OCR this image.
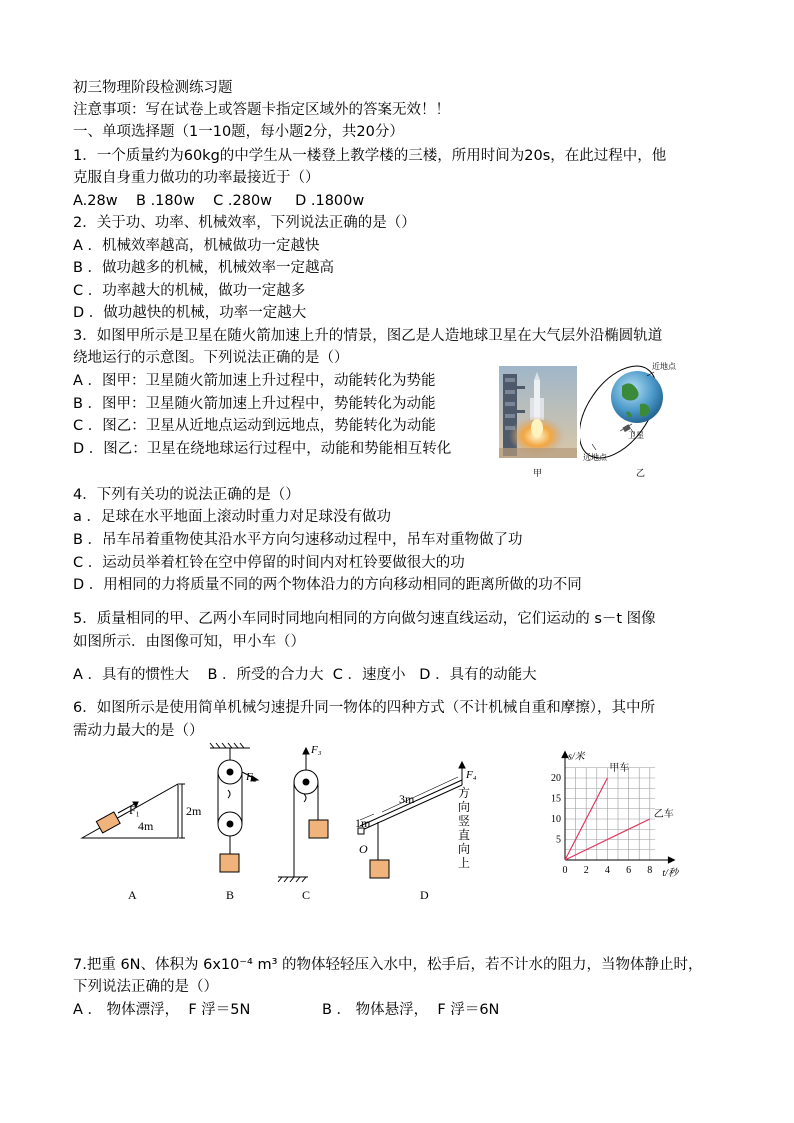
初三物理阶段检测练习题
注意事项：写在试卷上或答题卡指定区域外的答案无效！！
一、单项选择题（1一10题，每小题2分，共20分）
1．一个质量约为60kg的中学生从一楼登上教学楼的三楼，所用时间为20s，在此过程中，他
克服自身重力做功的功率最接近于（）
A.28w    B .180w    C .280w     D .1800w
2．关于功、功率、机械效率，下列说法正确的是（）
A ．机械效率越高，机械做功一定越快
B ．做功越多的机械，机械效率一定越高
C ．功率越大的机械，做功一定越多
D ．做功越快的机械，功率一定越大
3．如图甲所示是卫星在随火箭加速上升的情景，图乙是人造地球卫星在大气层外沿椭圆轨道
绕地运行的示意图。下列说法正确的是（）
A ．图甲：卫星随火箭加速上升过程中，动能转化为势能
B ．图甲：卫星随火箭加速上升过程中，势能转化为动能
C ．图乙：卫星从近地点运动到远地点，势能转化为动能
D ．图乙：卫星在绕地球运行过程中，动能和势能相互转化
甲
近地点
卫星
远地点
乙
4．下列有关功的说法正确的是（）
a ．足球在水平地面上滚动时重力对足球没有做功
B ．吊车吊着重物使其沿水平方向匀速移动过程中，吊车对重物做了功
C ．运动员举着杠铃在空中停留的时间内对杠铃要做很大的功
D ．用相同的力将质量不同的两个物体沿力的方向移动相同的距离所做的功不同
5．质量相同的甲、乙两小车同时同地向相同的方向做匀速直线运动，它们运动的 s－t 图像
如图所示．由图像可知，甲小车（）
A ．具有的惯性大    B ．所受的合力大  C ．速度小   D ．具有的动能大
6．如图所示是使用简单机械匀速提升同一物体的四种方式（不计机械自重和摩擦），其中所
需动力最大的是（）
F₁
4m
2m
F₂
F₃
F₄
1m
3m
O
方
向
竖
直
向
上
A	B	C	D
0 2 4 6 8
5
10
15
20
t/秒
s/米
甲车
乙车
7.把重 6N、体积为 6x10⁻⁴ m³ 的物体轻轻压入水中，松手后，若不计水的阻力，当物体静止时，
下列说法正确的是（）
A ． 物体漂浮，  F 浮＝5N	B ． 物体悬浮，  F 浮＝6N
